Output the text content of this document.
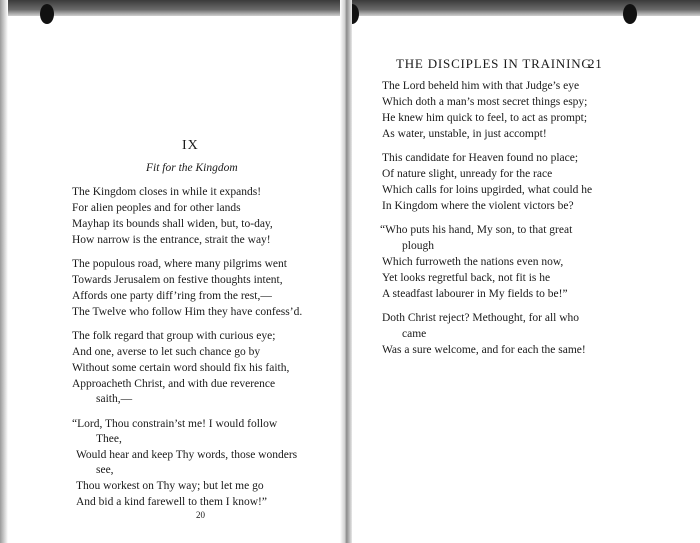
IX
Fit for the Kingdom
The Kingdom closes in while it expands!
For alien peoples and for other lands
Mayhap its bounds shall widen, but, to-day,
How narrow is the entrance, strait the way!
The populous road, where many pilgrims went
Towards Jerusalem on festive thoughts intent,
Affords one party diff’ring from the rest,—
The Twelve who follow Him they have confess’d.
The folk regard that group with curious eye;
And one, averse to let such chance go by
Without some certain word should fix his faith,
Approacheth Christ, and with due reverence
saith,—
“Lord, Thou constrain’st me! I would follow
Thee,
Would hear and keep Thy words, those wonders
see,
Thou workest on Thy way; but let me go
And bid a kind farewell to them I know!”
20
THE DISCIPLES IN TRAINING
21
The Lord beheld him with that Judge’s eye
Which doth a man’s most secret things espy;
He knew him quick to feel, to act as prompt;
As water, unstable, in just accompt!
This candidate for Heaven found no place;
Of nature slight, unready for the race
Which calls for loins upgirded, what could he
In Kingdom where the violent victors be?
“Who puts his hand, My son, to that great
plough
Which furroweth the nations even now,
Yet looks regretful back, not fit is he
A steadfast labourer in My fields to be!”
Doth Christ reject? Methought, for all who
came
Was a sure welcome, and for each the same!
